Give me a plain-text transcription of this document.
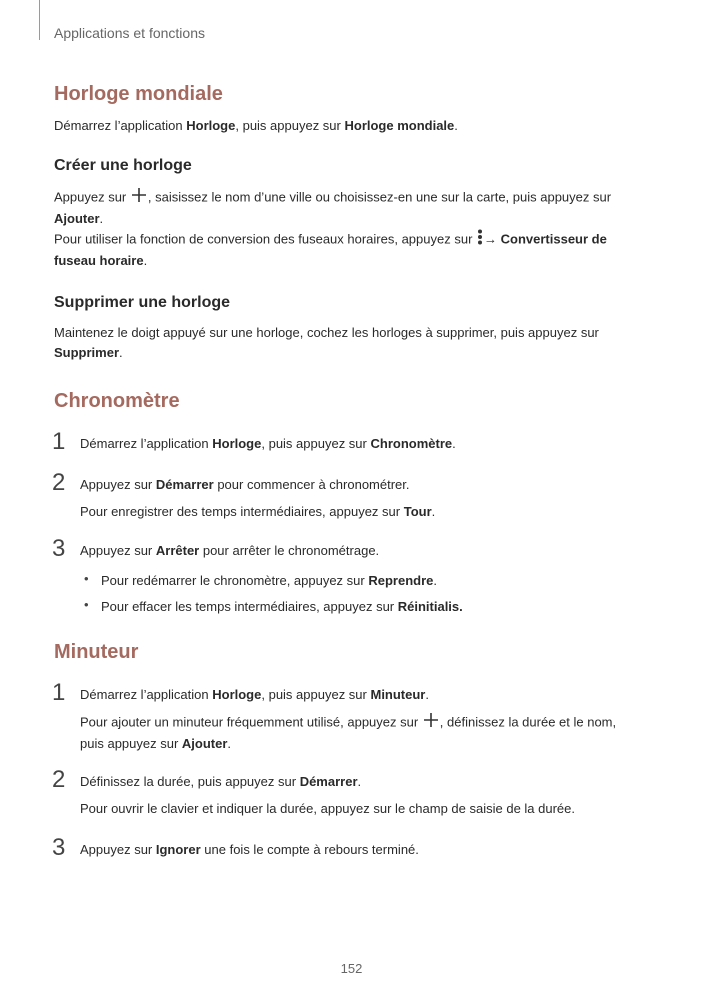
Applications et fonctions
Horloge mondiale
Démarrez l’application Horloge, puis appuyez sur Horloge mondiale.
Créer une horloge
Appuyez sur , saisissez le nom d’une ville ou choisissez-en une sur la carte, puis appuyez sur
Ajouter.
Pour utiliser la fonction de conversion des fuseaux horaires, appuyez sur → Convertisseur de
fuseau horaire.
Supprimer une horloge
Maintenez le doigt appuyé sur une horloge, cochez les horloges à supprimer, puis appuyez sur
Supprimer.
Chronomètre
1 Démarrez l’application Horloge, puis appuyez sur Chronomètre.
2 Appuyez sur Démarrer pour commencer à chronométrer.
Pour enregistrer des temps intermédiaires, appuyez sur Tour.
3 Appuyez sur Arrêter pour arrêter le chronométrage.
• Pour redémarrer le chronomètre, appuyez sur Reprendre.
• Pour effacer les temps intermédiaires, appuyez sur Réinitialis.
Minuteur
1 Démarrez l’application Horloge, puis appuyez sur Minuteur.
Pour ajouter un minuteur fréquemment utilisé, appuyez sur , définissez la durée et le nom,
puis appuyez sur Ajouter.
2 Définissez la durée, puis appuyez sur Démarrer.
Pour ouvrir le clavier et indiquer la durée, appuyez sur le champ de saisie de la durée.
3 Appuyez sur Ignorer une fois le compte à rebours terminé.
152
